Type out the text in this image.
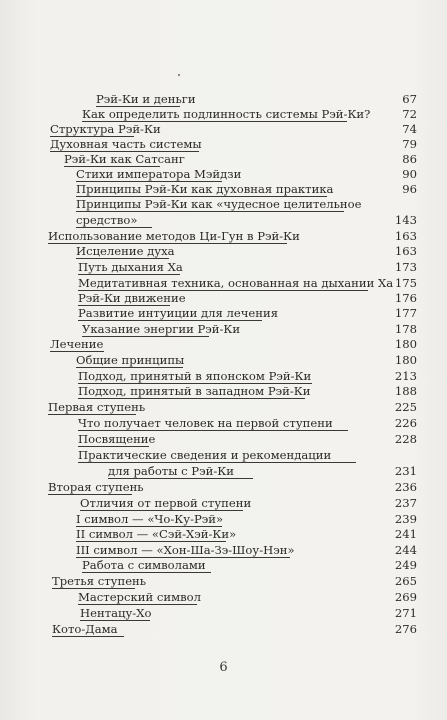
Рэй-Ки и деньги	67
Как определить подлинность системы Рэй-Ки?	72
Структура Рэй-Ки	74
Духовная часть системы	79
Рэй-Ки как Сатсанг	86
Стихи императора Мэйдзи	90
Принципы Рэй-Ки как духовная практика	96
Принципы Рэй-Ки как «чудесное целительное
средство»	143
Использование методов Ци-Гун в Рэй-Ки	163
Исцеление духа	163
Путь дыхания Ха	173
Медитативная техника, основанная на дыхании Ха 175
Рэй-Ки движение	176
Развитие интуиции для лечения	177
Указание энергии Рэй-Ки	178
Лечение	180
Общие принципы	180
Подход, принятый в японском Рэй-Ки	213
Подход, принятый в западном Рэй-Ки	188
Первая ступень	225
Что получает человек на первой ступени	226
Посвящение	228
Практические сведения и рекомендации
для работы с Рэй-Ки	231
Вторая ступень	236
Отличия от первой ступени	237
I символ — «Чо-Ку-Рэй»	239
II символ — «Сэй-Хэй-Ки»	241
III символ — «Хон-Ша-Зэ-Шоу-Нэн»	244
Работа с символами	249
Третья ступень	265
Мастерский символ	269
Нентацу-Хо	271
Кото-Дама	276
6
